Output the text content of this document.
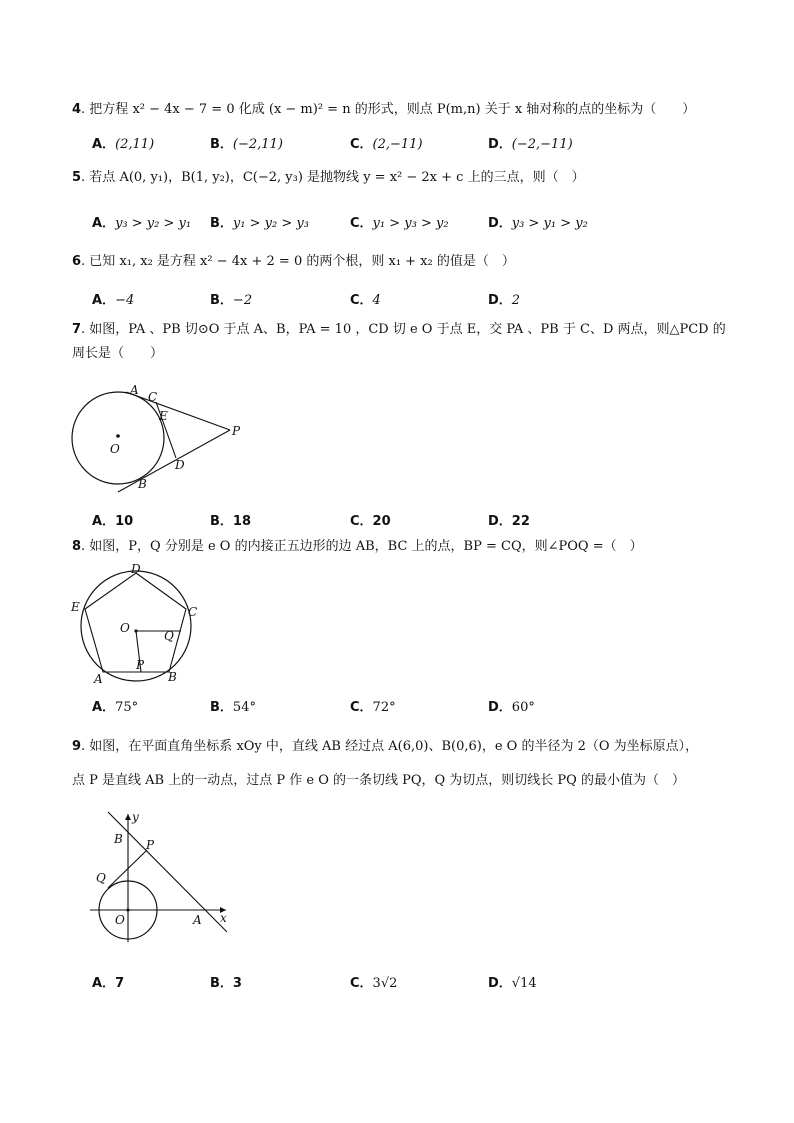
4. 把方程 x² − 4x − 7 = 0 化成 (x − m)² = n 的形式，则点 P(m,n) 关于 x 轴对称的点的坐标为（　　）
A．(2,11)	B．(−2,11)	C．(2,−11)	D．(−2,−11)
5. 若点 A(0, y₁)，B(1, y₂)，C(−2, y₃) 是抛物线 y = x² − 2x + c 上的三点，则（　）
A．y₃ > y₂ > y₁ B．y₁ > y₂ > y₃	C．y₁ > y₃ > y₂	D．y₃ > y₁ > y₂
6. 已知 x₁, x₂ 是方程 x² − 4x + 2 = 0 的两个根，则 x₁ + x₂ 的值是（　）
A．−4	B．−2	C．4	D．2
7. 如图，PA 、PB 切⊙O 于点 A、B，PA = 10 ，CD 切 e O 于点 E，交 PA 、PB 于 C、D 两点，则△PCD 的
周长是（　　）
A C
E
O
P
D
B
A．10	B．18	C．20	D．22
8. 如图，P，Q 分别是 e O 的内接正五边形的边 AB，BC 上的点，BP = CQ，则∠POQ =（　）
D
C
E
O
Q
P
A	B
A．75°	B．54°	C．72°	D．60°
9. 如图，在平面直角坐标系 xOy 中，直线 AB 经过点 A(6,0)、B(0,6)，e O 的半径为 2（O 为坐标原点），
点 P 是直线 AB 上的一动点，过点 P 作 e O 的一条切线 PQ，Q 为切点，则切线长 PQ 的最小值为（　）
y
B P
Q
O	A x
A．7	B．3	C．3√2	D．√14
